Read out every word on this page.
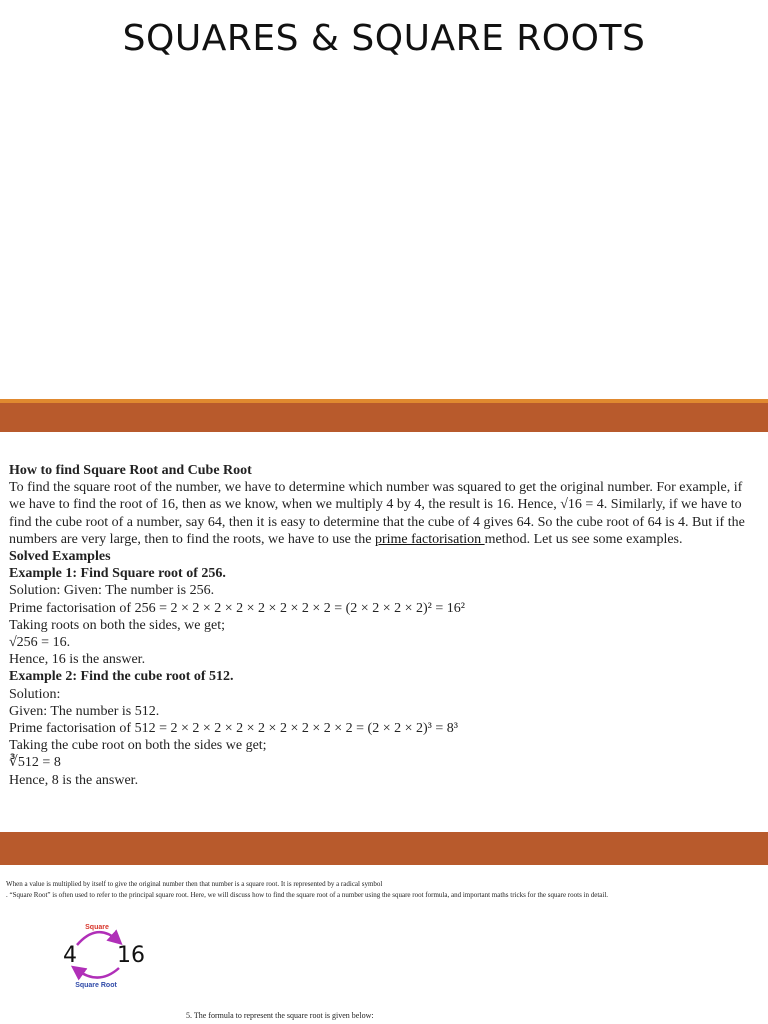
SQUARES & SQUARE ROOTS

How to find Square Root and Cube Root

To find the square root of the number, we have to determine which number was squared to get the original number. For example, if we have to find the root of 16, then as we know, when we multiply 4 by 4, the result is 16. Hence, √16 = 4. Similarly, if we have to find the cube root of a number, say 64, then it is easy to determine that the cube of 4 gives 64. So the cube root of 64 is 4. But if the numbers are very large, then to find the roots, we have to use the prime factorisation method. Let us see some examples.

Solved Examples

Example 1: Find Square root of 256.

Solution: Given: The number is 256.

Prime factorisation of 256 = 2 × 2 × 2 × 2 × 2 × 2 × 2 × 2 = (2 × 2 × 2 × 2)² = 16²

Taking roots on both the sides, we get;

√256 = 16.

Hence, 16 is the answer.

Example 2: Find the cube root of 512.

Solution:

Given: The number is 512.

Prime factorisation of 512 = 2 × 2 × 2 × 2 × 2 × 2 × 2 × 2 × 2 = (2 × 2 × 2)³ = 8³

Taking the cube root on both the sides we get;

∛512 = 8

Hence, 8 is the answer.

When a value is multiplied by itself to give the original number then that number is a square root. It is represented by a radical symbol
. “Square Root” is often used to refer to the principal square root. Here, we will discuss how to find the square root of a number using the square root formula, and important maths tricks for the square roots in detail.
Square
4 16
Square Root
5. The formula to represent the square root is given below:
